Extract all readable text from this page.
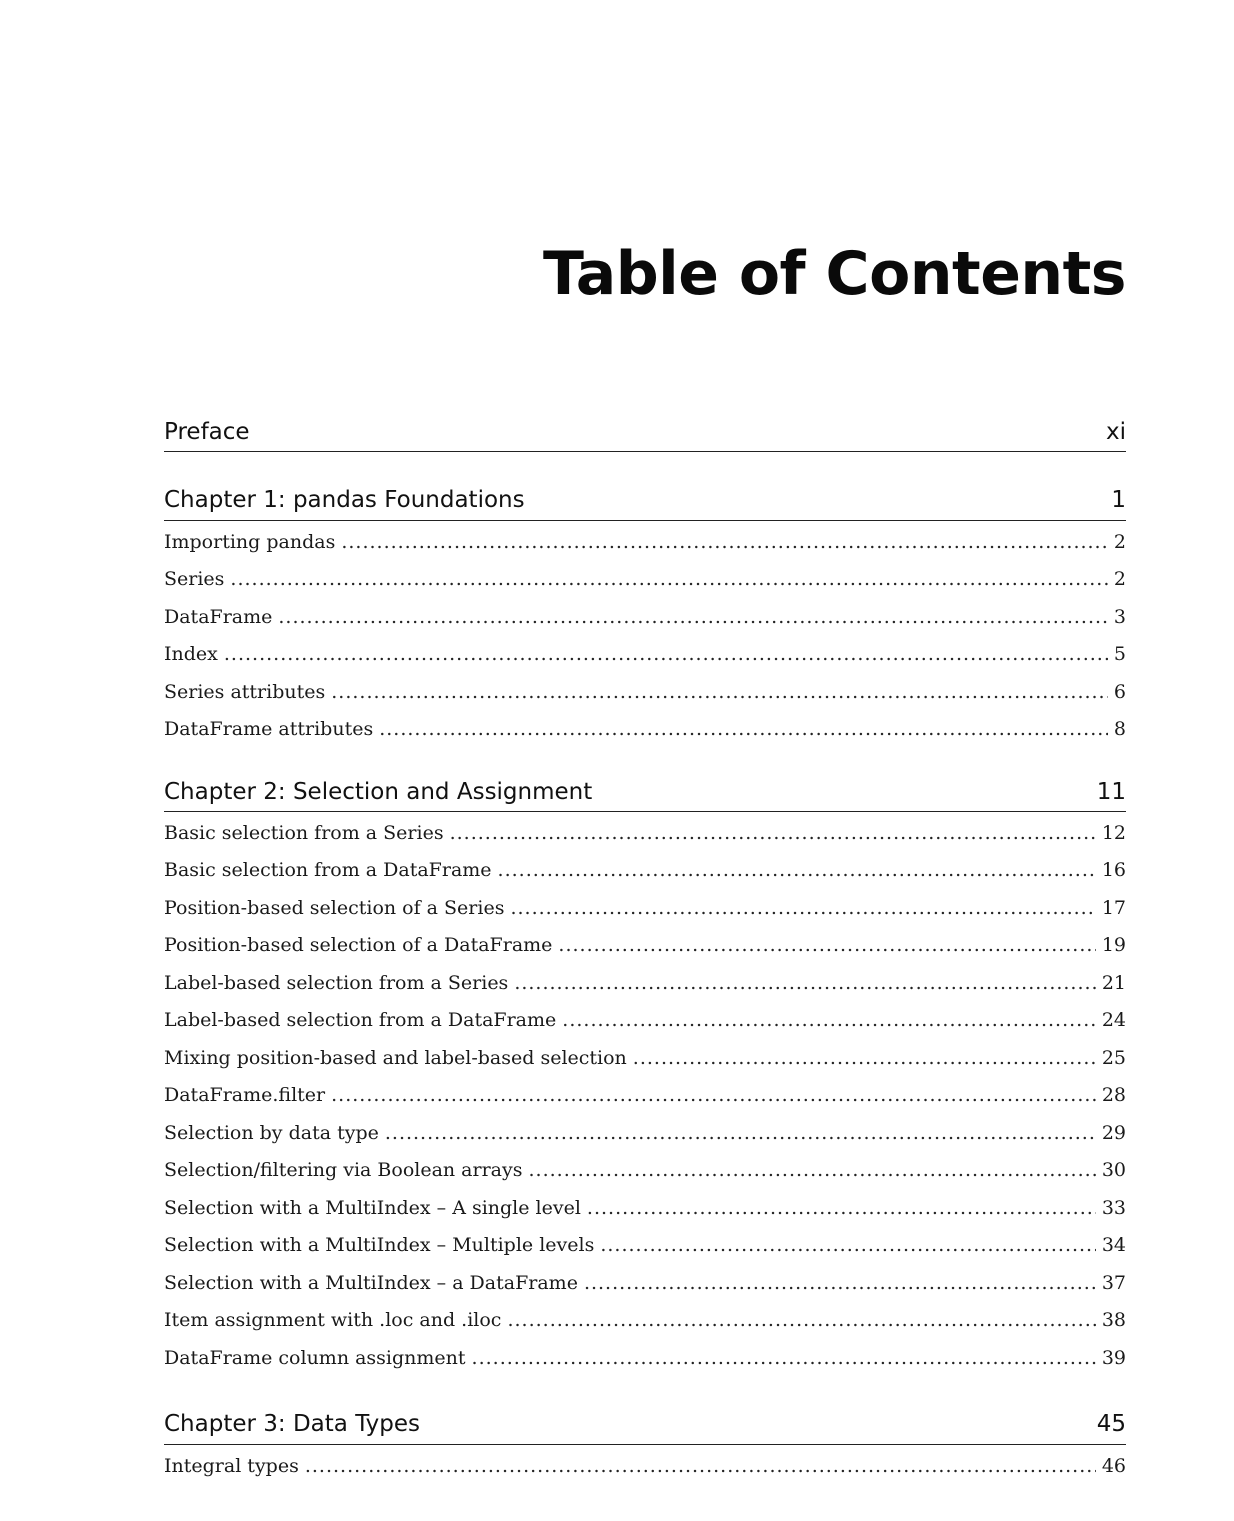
Table of Contents
Preface	xi
Chapter 1: pandas Foundations	1
Importing pandas .....	2
Series .....	2
DataFrame .....	3
Index .....	5
Series attributes .....	6
DataFrame attributes .....	8
Chapter 2: Selection and Assignment	11
Basic selection from a Series .....	12
Basic selection from a DataFrame .....	16
Position-based selection of a Series .....	17
Position-based selection of a DataFrame .....	19
Label-based selection from a Series .....	21
Label-based selection from a DataFrame .....	24
Mixing position-based and label-based selection .....	25
DataFrame.filter .....	28
Selection by data type .....	29
Selection/filtering via Boolean arrays .....	30
Selection with a MultiIndex – A single level .....	33
Selection with a MultiIndex – Multiple levels .....	34
Selection with a MultiIndex – a DataFrame .....	37
Item assignment with .loc and .iloc .....	38
DataFrame column assignment .....	39
Chapter 3: Data Types	45
Integral types .....	46
